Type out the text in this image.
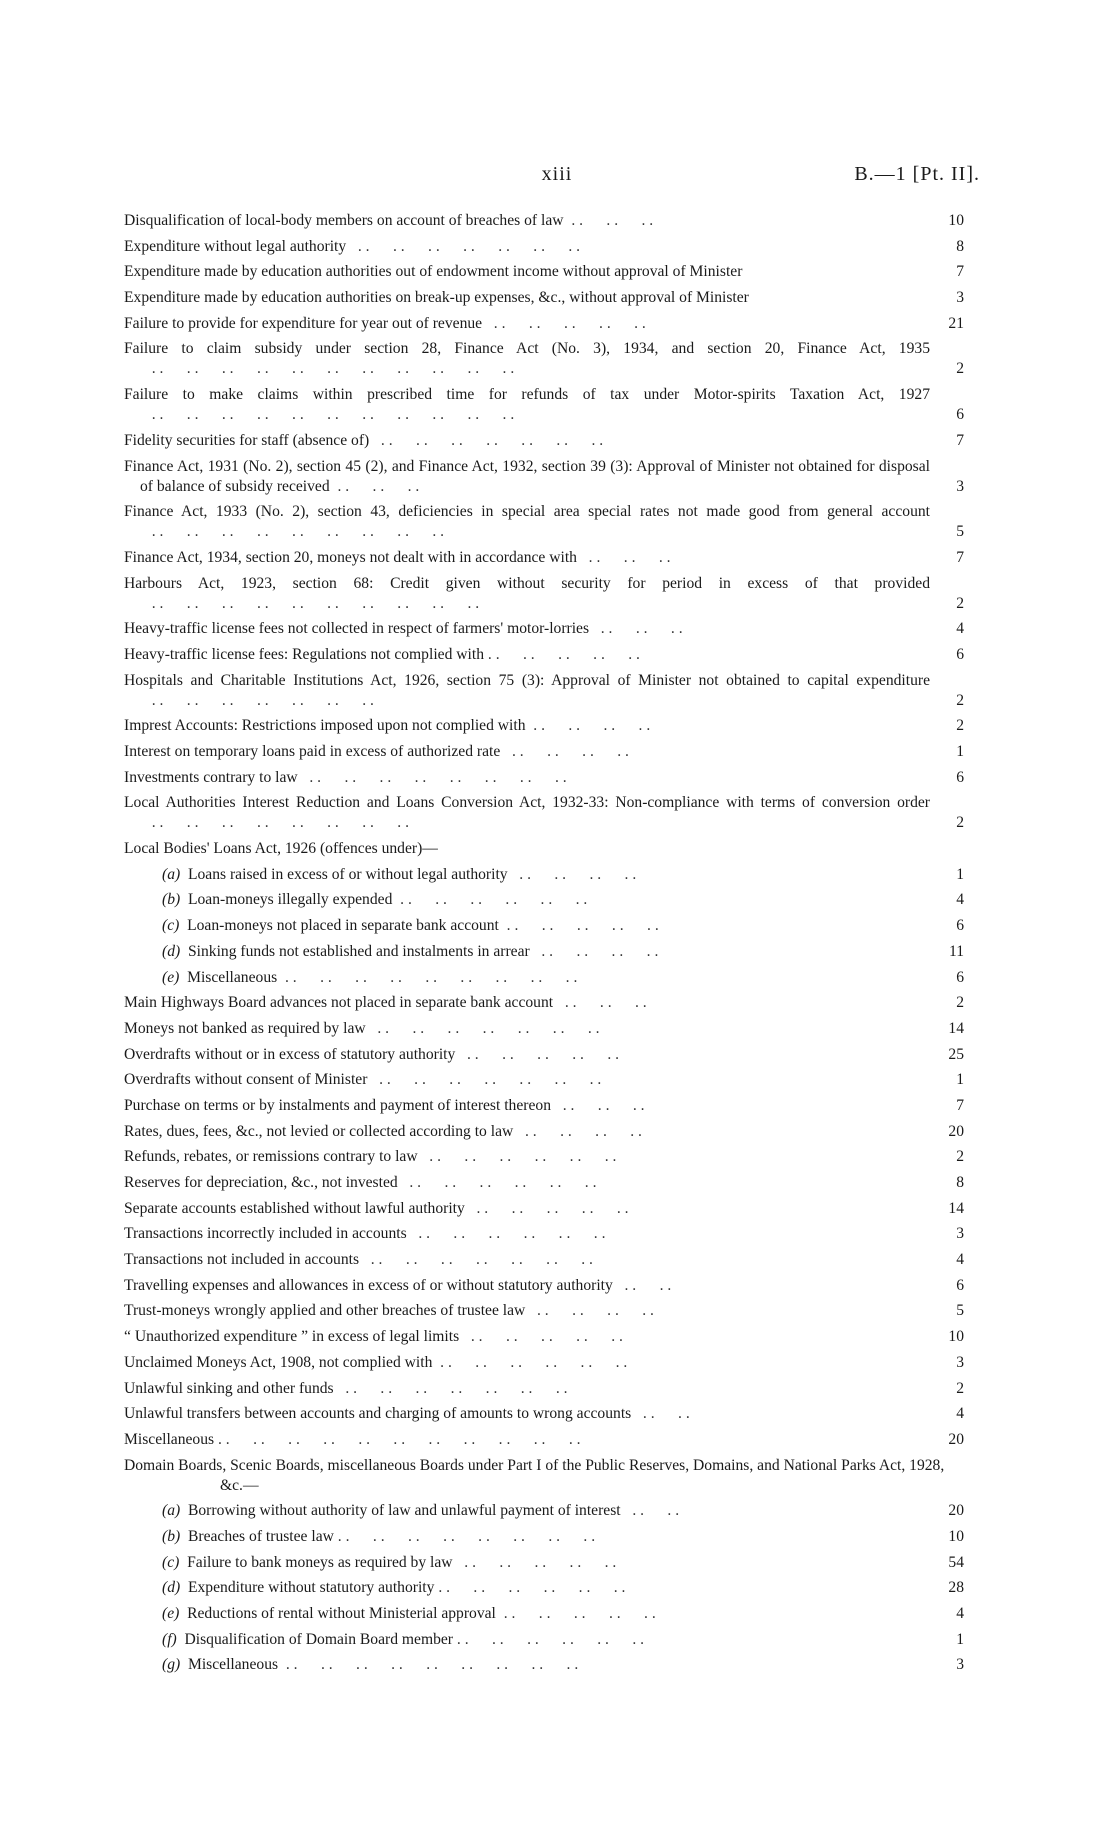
xiii	B.—1 [Pt. II].
Disqualification of local-body members on account of breaches of law  . .      . .      . .	10
Expenditure without legal authority   . .      . .      . .      . .      . .      . .      . .	8
Expenditure made by education authorities out of endowment income without approval of Minister	7
Expenditure made by education authorities on break-up expenses, &c., without approval of Minister	3
Failure to provide for expenditure for year out of revenue   . .      . .      . .      . .      . .	21
Failure to claim subsidy under section 28, Finance Act (No. 3), 1934, and section 20, Finance Act, 1935   . .      . .      . .      . .      . .      . .      . .      . .      . .      . .      . .	2
Failure to make claims within prescribed time for refunds of tax under Motor-spirits Taxation Act, 1927   . .      . .      . .      . .      . .      . .      . .      . .      . .      . .      . .	6
Fidelity securities for staff (absence of)   . .      . .      . .      . .      . .      . .      . .	7
Finance Act, 1931 (No. 2), section 45 (2), and Finance Act, 1932, section 39 (3): Approval of Minister not obtained for disposal of balance of subsidy received  . .      . .      . .	3
Finance Act, 1933 (No. 2), section 43, deficiencies in special area special rates not made good from general account   . .      . .      . .      . .      . .      . .      . .      . .      . .	5
Finance Act, 1934, section 20, moneys not dealt with in accordance with   . .      . .      . .	7
Harbours Act, 1923, section 68: Credit given without security for period in excess of that provided   . .      . .      . .      . .      . .      . .      . .      . .      . .      . .	2
Heavy-traffic license fees not collected in respect of farmers' motor-lorries   . .      . .      . .	4
Heavy-traffic license fees: Regulations not complied with . .      . .      . .      . .      . .	6
Hospitals and Charitable Institutions Act, 1926, section 75 (3): Approval of Minister not obtained to capital expenditure   . .      . .      . .      . .      . .      . .      . .	2
Imprest Accounts: Restrictions imposed upon not complied with  . .      . .      . .      . .	2
Interest on temporary loans paid in excess of authorized rate   . .      . .      . .      . .	1
Investments contrary to law   . .      . .      . .      . .      . .      . .      . .      . .	6
Local Authorities Interest Reduction and Loans Conversion Act, 1932-33: Non-compliance with terms of conversion order   . .      . .      . .      . .      . .      . .      . .      . .	2
Local Bodies' Loans Act, 1926 (offences under)—
(a) Loans raised in excess of or without legal authority   . .      . .      . .      . .	1
(b) Loan-moneys illegally expended  . .      . .      . .      . .      . .      . .	4
(c) Loan-moneys not placed in separate bank account  . .      . .      . .      . .      . .	6
(d) Sinking funds not established and instalments in arrear   . .      . .      . .      . .	11
(e) Miscellaneous  . .      . .      . .      . .      . .      . .      . .      . .      . .	6
Main Highways Board advances not placed in separate bank account   . .      . .      . .	2
Moneys not banked as required by law   . .      . .      . .      . .      . .      . .      . .	14
Overdrafts without or in excess of statutory authority   . .      . .      . .      . .      . .	25
Overdrafts without consent of Minister   . .      . .      . .      . .      . .      . .      . .	1
Purchase on terms or by instalments and payment of interest thereon   . .      . .      . .	7
Rates, dues, fees, &c., not levied or collected according to law   . .      . .      . .      . .	20
Refunds, rebates, or remissions contrary to law   . .      . .      . .      . .      . .      . .	2
Reserves for depreciation, &c., not invested   . .      . .      . .      . .      . .      . .	8
Separate accounts established without lawful authority   . .      . .      . .      . .      . .	14
Transactions incorrectly included in accounts   . .      . .      . .      . .      . .      . .	3
Transactions not included in accounts   . .      . .      . .      . .      . .      . .      . .	4
Travelling expenses and allowances in excess of or without statutory authority   . .      . .	6
Trust-moneys wrongly applied and other breaches of trustee law   . .      . .      . .      . .	5
“ Unauthorized expenditure ” in excess of legal limits   . .      . .      . .      . .      . .	10
Unclaimed Moneys Act, 1908, not complied with  . .      . .      . .      . .      . .      . .	3
Unlawful sinking and other funds   . .      . .      . .      . .      . .      . .      . .	2
Unlawful transfers between accounts and charging of amounts to wrong accounts   . .      . .	4
Miscellaneous . .      . .      . .      . .      . .      . .      . .      . .      . .      . .      . .	20
Domain Boards, Scenic Boards, miscellaneous Boards under Part I of the Public Reserves, Domains, and National Parks Act, 1928, &c.—
(a) Borrowing without authority of law and unlawful payment of interest   . .      . .	20
(b) Breaches of trustee law . .      . .      . .      . .      . .      . .      . .      . .	10
(c) Failure to bank moneys as required by law   . .      . .      . .      . .      . .	54
(d) Expenditure without statutory authority . .      . .      . .      . .      . .      . .	28
(e) Reductions of rental without Ministerial approval  . .      . .      . .      . .      . .	4
(f) Disqualification of Domain Board member . .      . .      . .      . .      . .      . .	1
(g) Miscellaneous  . .      . .      . .      . .      . .      . .      . .      . .      . .	3
